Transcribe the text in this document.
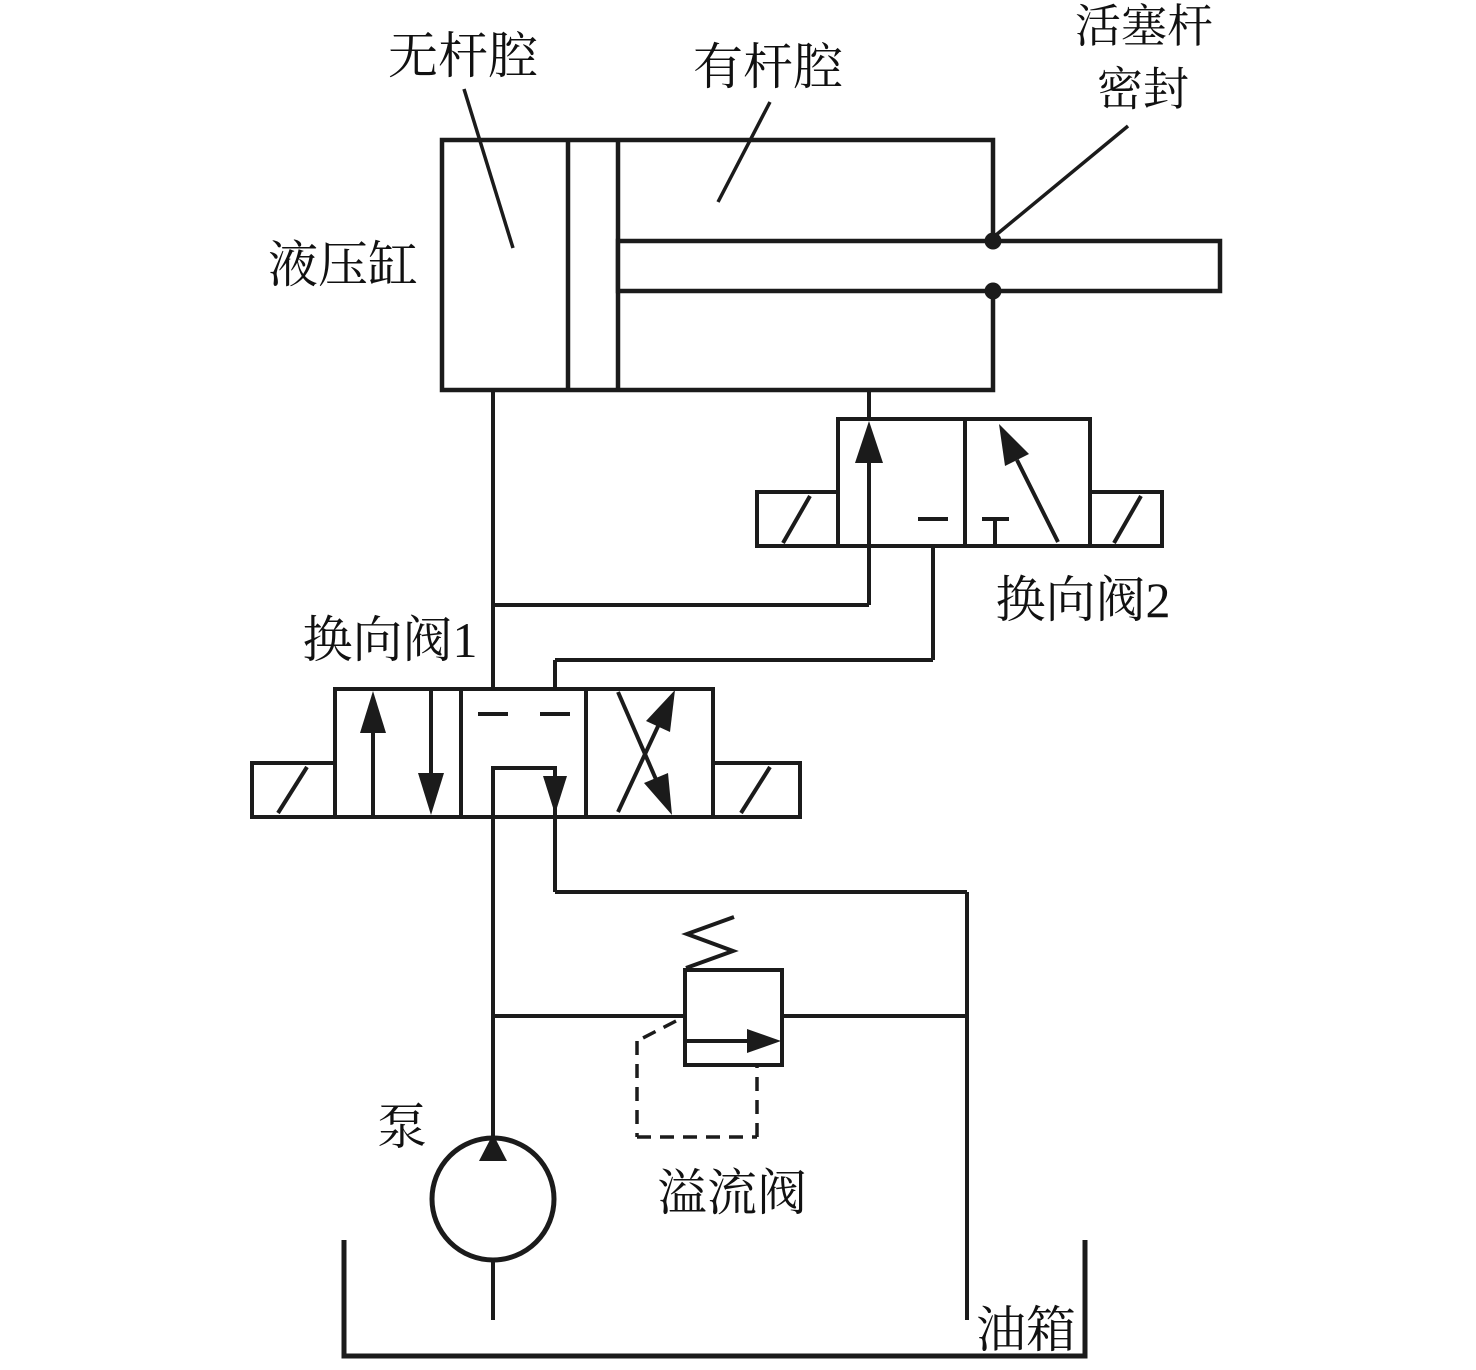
液压缸
无杆腔	有杆腔
活塞杆
密封
换向阀1
换向阀2
溢流阀
泵
油箱
